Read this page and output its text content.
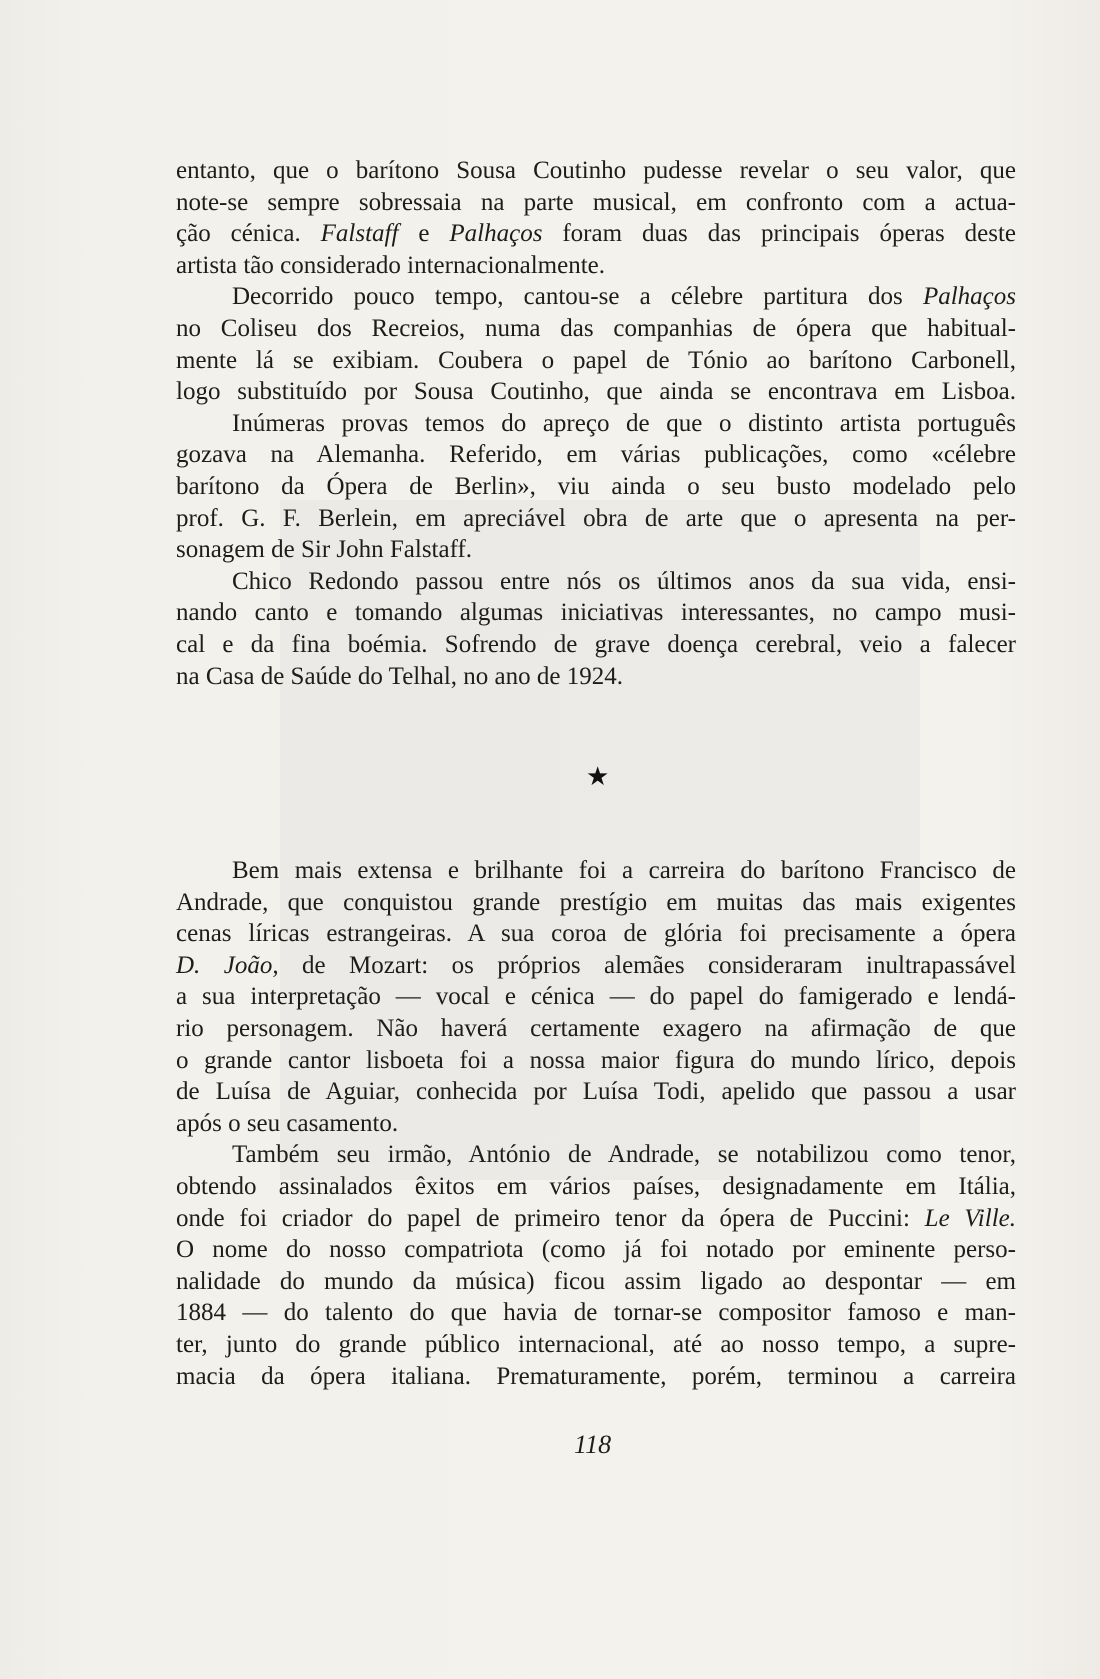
entanto, que o barítono Sousa Coutinho pudesse revelar o seu valor, que
note-se sempre sobressaia na parte musical, em confronto com a actua-
ção cénica. Falstaff e Palhaços foram duas das principais óperas deste
artista tão considerado internacionalmente.

Decorrido pouco tempo, cantou-se a célebre partitura dos Palhaços
no Coliseu dos Recreios, numa das companhias de ópera que habitual-
mente lá se exibiam. Coubera o papel de Tónio ao barítono Carbonell,
logo substituído por Sousa Coutinho, que ainda se encontrava em Lisboa.

Inúmeras provas temos do apreço de que o distinto artista português
gozava na Alemanha. Referido, em várias publicações, como «célebre
barítono da Ópera de Berlin», viu ainda o seu busto modelado pelo
prof. G. F. Berlein, em apreciável obra de arte que o apresenta na per-
sonagem de Sir John Falstaff.

Chico Redondo passou entre nós os últimos anos da sua vida, ensi-
nando canto e tomando algumas iniciativas interessantes, no campo musi-
cal e da fina boémia. Sofrendo de grave doença cerebral, veio a falecer
na Casa de Saúde do Telhal, no ano de 1924.

★

Bem mais extensa e brilhante foi a carreira do barítono Francisco de
Andrade, que conquistou grande prestígio em muitas das mais exigentes
cenas líricas estrangeiras. A sua coroa de glória foi precisamente a ópera
D. João, de Mozart: os próprios alemães consideraram inultrapassável
a sua interpretação — vocal e cénica — do papel do famigerado e lendá-
rio personagem. Não haverá certamente exagero na afirmação de que
o grande cantor lisboeta foi a nossa maior figura do mundo lírico, depois
de Luísa de Aguiar, conhecida por Luísa Todi, apelido que passou a usar
após o seu casamento.

Também seu irmão, António de Andrade, se notabilizou como tenor,
obtendo assinalados êxitos em vários países, designadamente em Itália,
onde foi criador do papel de primeiro tenor da ópera de Puccini: Le Ville.
O nome do nosso compatriota (como já foi notado por eminente perso-
nalidade do mundo da música) ficou assim ligado ao despontar — em
1884 — do talento do que havia de tornar-se compositor famoso e man-
ter, junto do grande público internacional, até ao nosso tempo, a supre-
macia da ópera italiana. Prematuramente, porém, terminou a carreira

118
